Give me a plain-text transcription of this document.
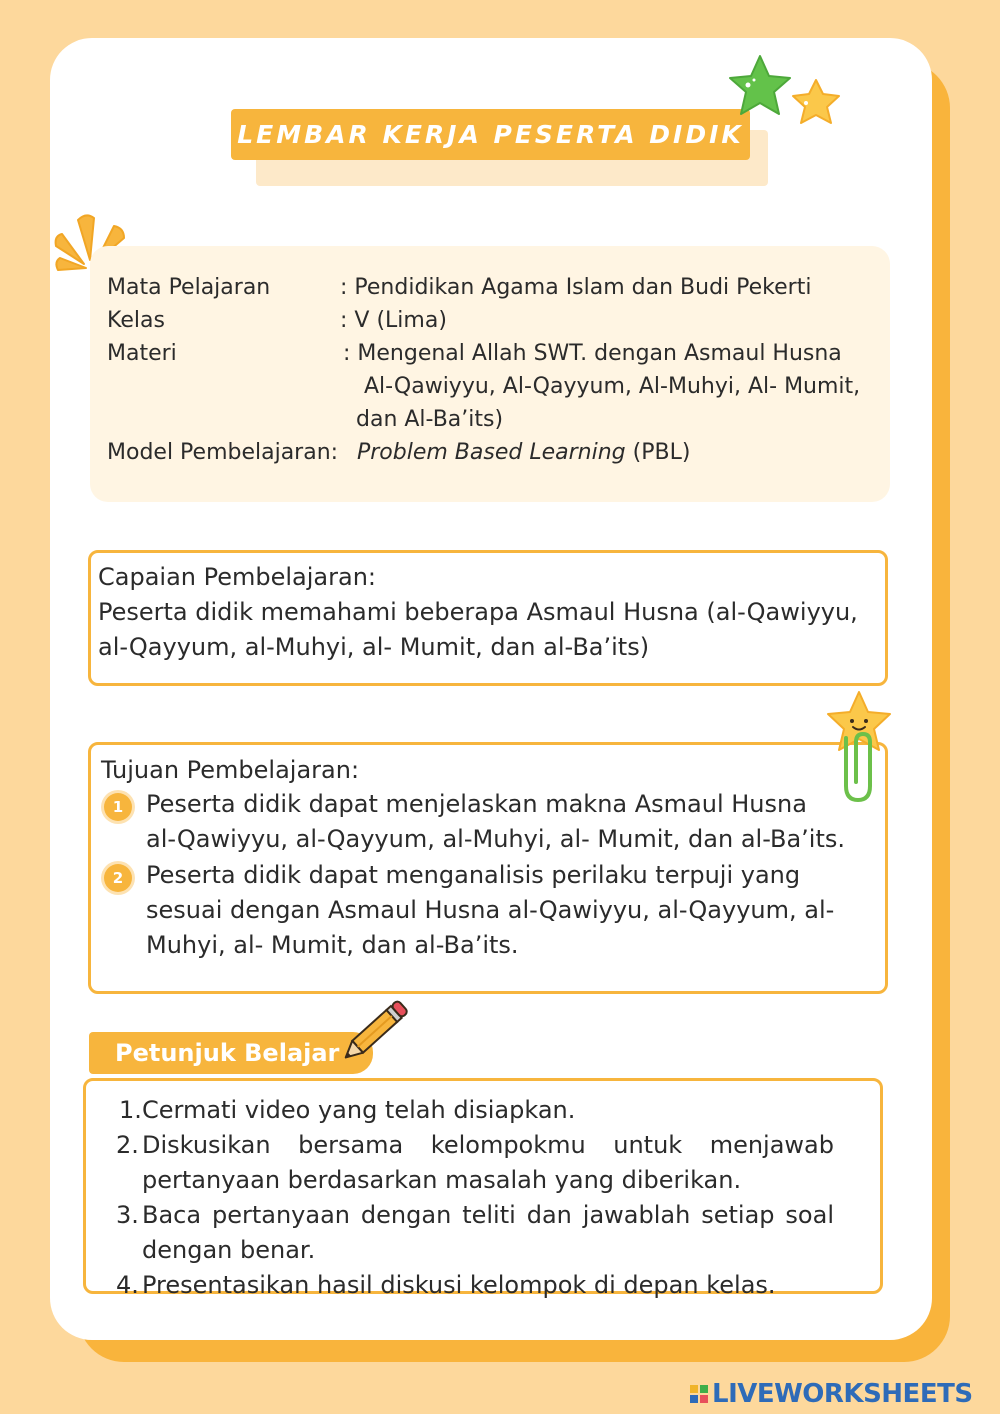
LEMBAR KERJA PESERTA DIDIK
Mata Pelajaran	: Pendidikan Agama Islam dan Budi Pekerti
Kelas	: V (Lima)
Materi	: Mengenal Allah SWT. dengan Asmaul Husna
Al-Qawiyyu, Al-Qayyum, Al-Muhyi, Al- Mumit,
dan Al-Ba’its)
Model Pembelajaran: Problem Based Learning (PBL)
Capaian Pembelajaran:
Peserta didik memahami beberapa Asmaul Husna (al-Qawiyyu,
al-Qayyum, al-Muhyi, al- Mumit, dan al-Ba’its)
Tujuan Pembelajaran:
1 Peserta didik dapat menjelaskan makna Asmaul Husna
al-Qawiyyu, al-Qayyum, al-Muhyi, al- Mumit, dan al-Ba’its.
2 Peserta didik dapat menganalisis perilaku terpuji yang
sesuai dengan Asmaul Husna al-Qawiyyu, al-Qayyum, al-
Muhyi, al- Mumit, dan al-Ba’its.
Petunjuk Belajar
1. Cermati video yang telah disiapkan.
2. Diskusikan bersama kelompokmu untuk menjawab
pertanyaan berdasarkan masalah yang diberikan.
3. Baca pertanyaan dengan teliti dan jawablah setiap soal
dengan benar.
4. Presentasikan hasil diskusi kelompok di depan kelas.
LIVEWORKSHEETS
